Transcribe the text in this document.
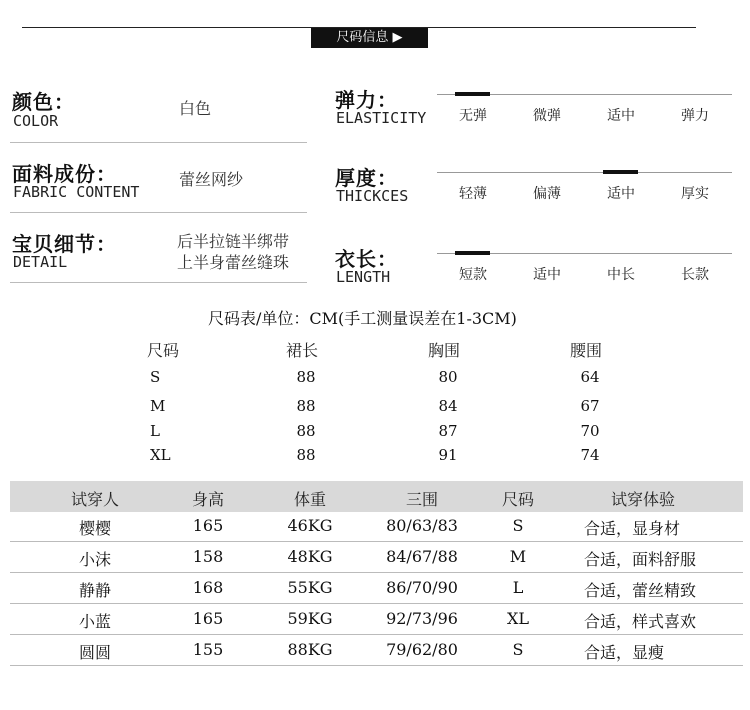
尺码信息 ▶
颜色：
COLOR
白色
面料成份：
FABRIC CONTENT
蕾丝网纱
宝贝细节：
DETAIL
后半拉链半绑带
上半身蕾丝缝珠
弹力：
ELASTICITY	无弹	微弹	适中	弹力
厚度：
THICKCES	轻薄	偏薄	适中	厚实
衣长：
LENGTH	短款	适中	中长	长款
尺码表/单位：CM(手工测量误差在1-3CM)
尺码	裙长	胸围	腰围
S	88	80	64
M	88	84	67
L	88	87	70
XL	88	91	74
试穿人	身高	体重	三围	尺码	试穿体验
樱樱	165	46KG	80/63/83	S	合适，显身材
小沫	158	48KG	84/67/88	M	合适，面料舒服
静静	168	55KG	86/70/90	L	合适，蕾丝精致
小蓝	165	59KG	92/73/96	XL	合适，样式喜欢
圆圆	155	88KG	79/62/80	S	合适，显瘦
